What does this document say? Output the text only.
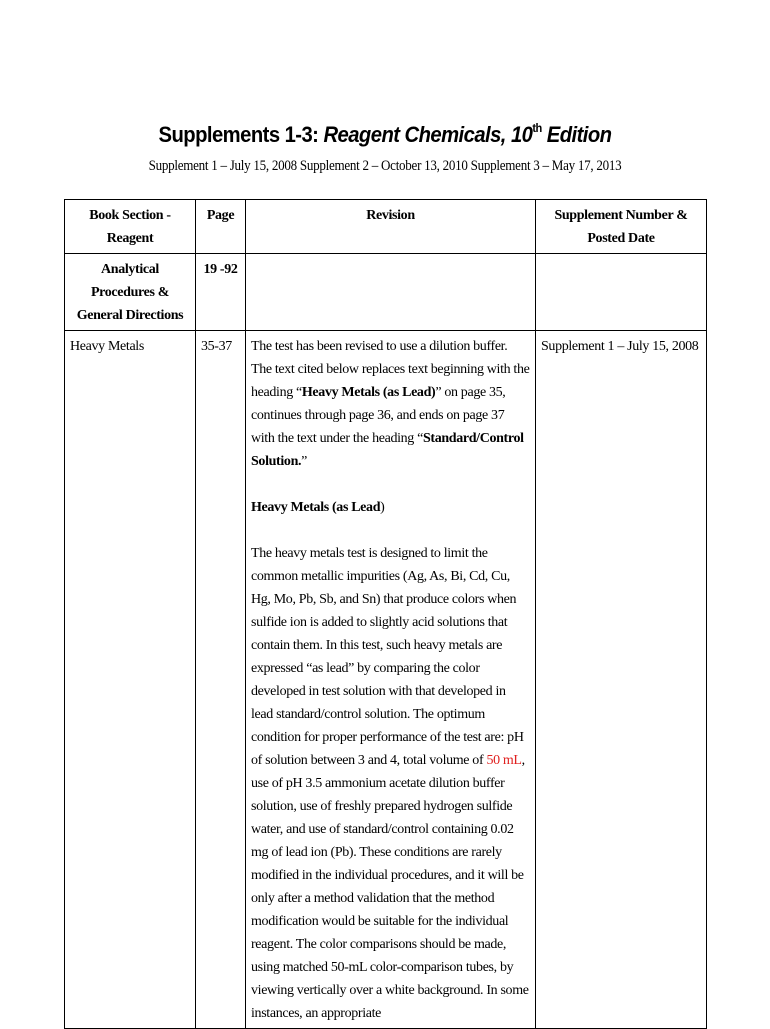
Supplements 1-3: Reagent Chemicals, 10th Edition
Supplement 1 – July 15, 2008 Supplement 2 – October 13, 2010 Supplement 3 – May 17, 2013
Book Section - Reagent	Page	Revision	Supplement Number & Posted Date
Analytical Procedures & General Directions	19 -92		
Heavy Metals	35-37	The test has been revised to use a dilution buffer. The text cited below replaces text beginning with the heading “Heavy Metals (as Lead)” on page 35, continues through page 36, and ends on page 37 with the text under the heading “Standard/Control Solution.”

Heavy Metals (as Lead)

The heavy metals test is designed to limit the common metallic impurities (Ag, As, Bi, Cd, Cu, Hg, Mo, Pb, Sb, and Sn) that produce colors when sulfide ion is added to slightly acid solutions that contain them. In this test, such heavy metals are expressed “as lead” by comparing the color developed in test solution with that developed in lead standard/control solution. The optimum condition for proper performance of the test are: pH of solution between 3 and 4, total volume of 50 mL, use of pH 3.5 ammonium acetate dilution buffer solution, use of freshly prepared hydrogen sulfide water, and use of standard/control containing 0.02 mg of lead ion (Pb). These conditions are rarely modified in the individual procedures, and it will be only after a method validation that the method modification would be suitable for the individual reagent. The color comparisons should be made, using matched 50-mL color-comparison tubes, by viewing vertically over a white background. In some instances, an appropriate	Supplement 1 – July 15, 2008
